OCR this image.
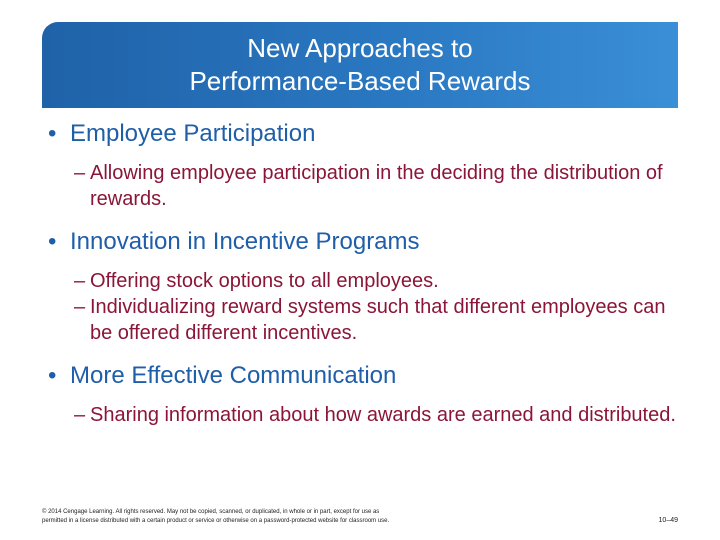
New Approaches to
Performance-Based Rewards
• Employee Participation
– Allowing employee participation in the deciding the distribution of rewards.
• Innovation in Incentive Programs
– Offering stock options to all employees.
– Individualizing reward systems such that different employees can be offered different incentives.
• More Effective Communication
– Sharing information about how awards are earned and distributed.
© 2014 Cengage Learning. All rights reserved. May not be copied, scanned, or duplicated, in whole or in part, except for use as
permitted in a license distributed with a certain product or service or otherwise on a password-protected website for classroom use.	10–49
